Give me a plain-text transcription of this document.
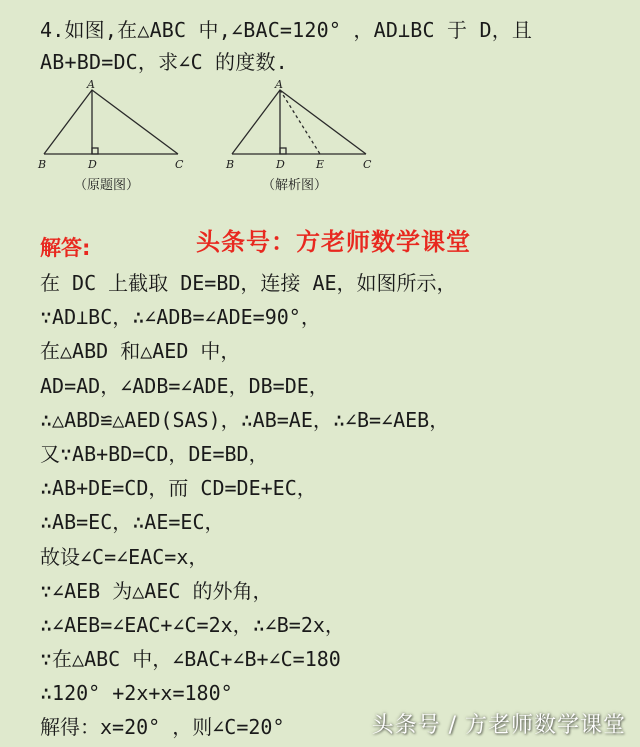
4.如图,在△ABC 中,∠BAC=120° ，AD⊥BC 于 D，且
AB+BD=DC，求∠C 的度数.
A
B	D	C
A
B	D	E	C
（原题图）	（解析图）
解答:	头条号：方老师数学课堂
在 DC 上截取 DE=BD，连接 AE，如图所示，
∵AD⊥BC，∴∠ADB=∠ADE=90°，
在△ABD 和△AED 中，
AD=AD，∠ADB=∠ADE，DB=DE，
∴△ABD≌△AED(SAS)，∴AB=AE，∴∠B=∠AEB，
又∵AB+BD=CD，DE=BD，
∴AB+DE=CD，而 CD=DE+EC，
∴AB=EC，∴AE=EC，
故设∠C=∠EAC=x，
∵∠AEB 为△AEC 的外角，
∴∠AEB=∠EAC+∠C=2x，∴∠B=2x，
∵在△ABC 中，∠BAC+∠B+∠C=180
∴120° +2x+x=180°
解得：x=20° ，则∠C=20°	头条号 / 方老师数学课堂
